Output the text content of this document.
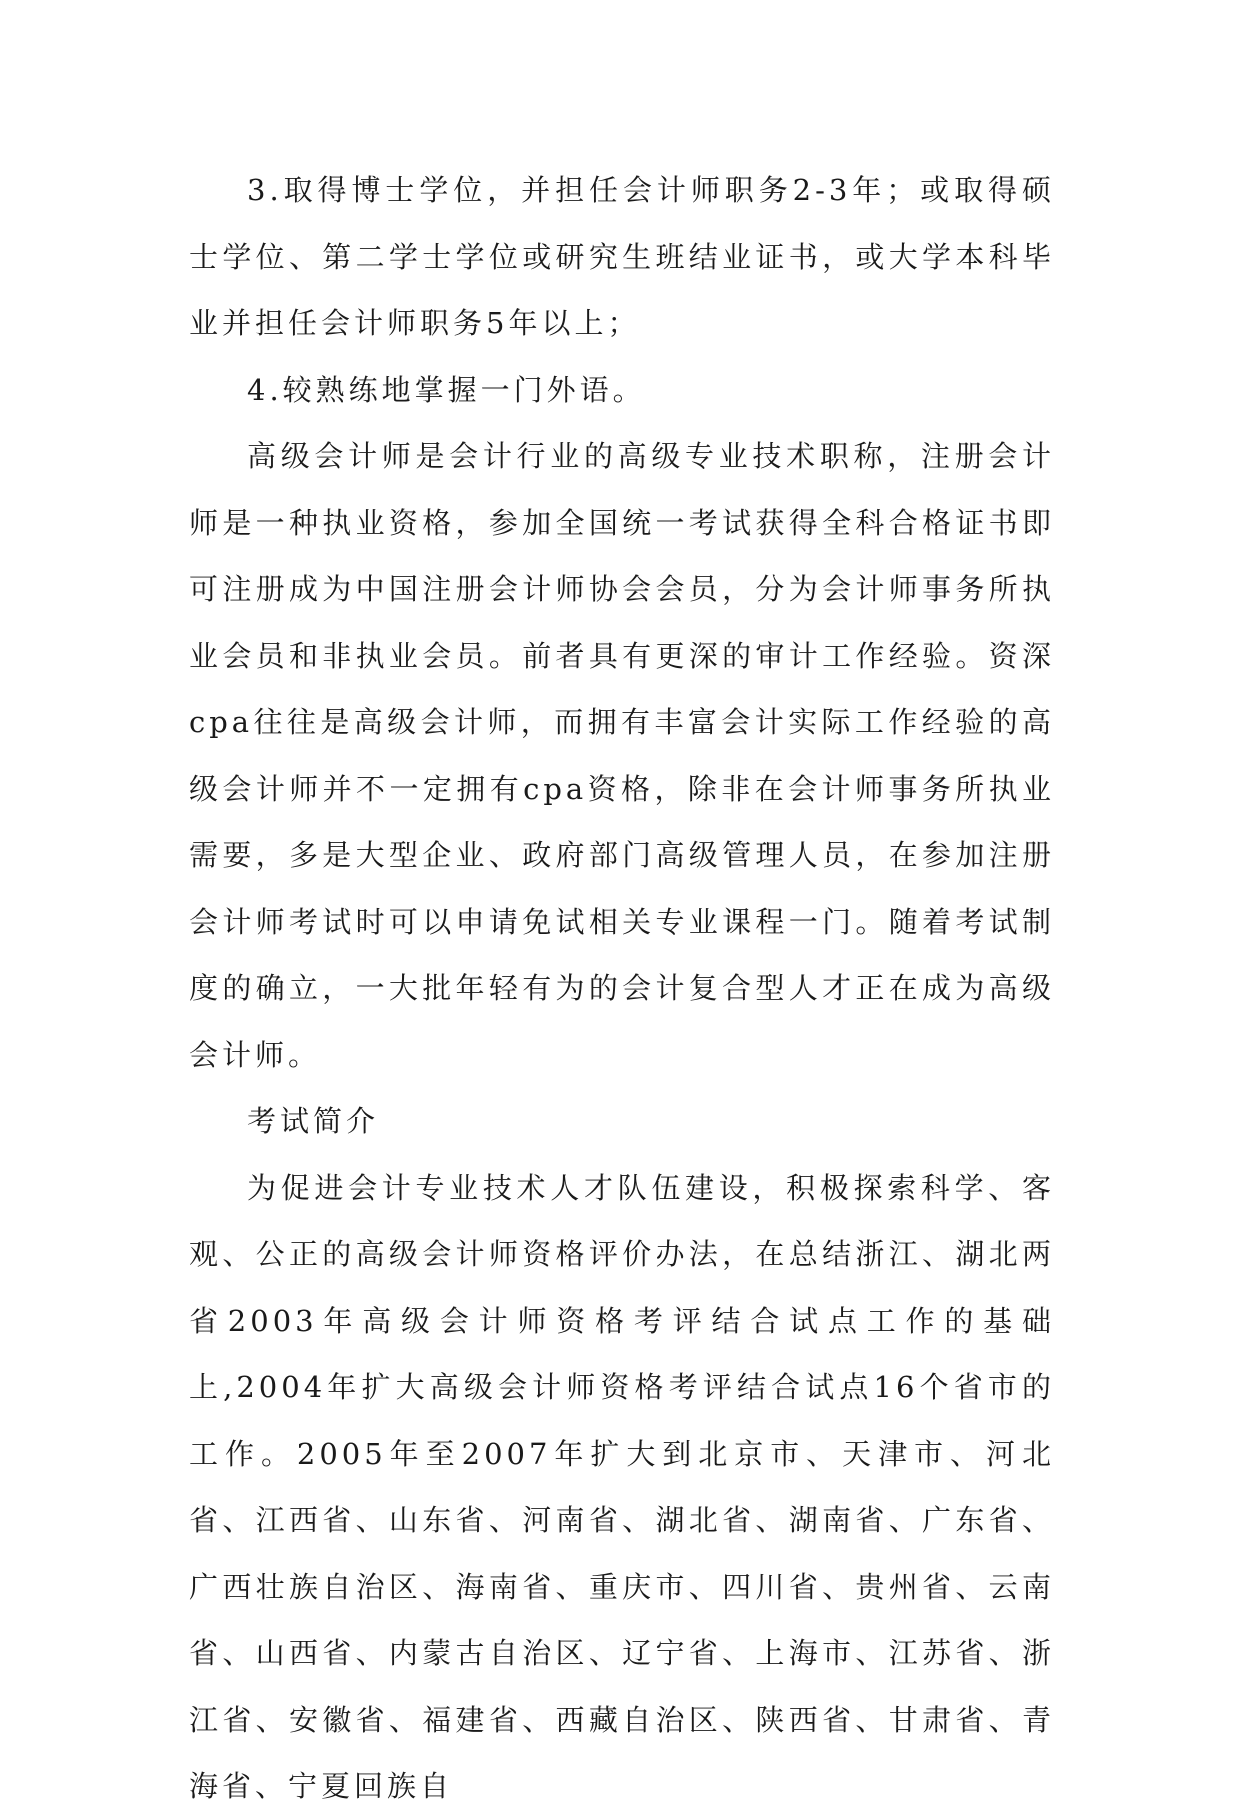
3.取得博士学位，并担任会计师职务2-3年；或取得硕士学位、第二学士学位或研究生班结业证书，或大学本科毕业并担任会计师职务5年以上；

4.较熟练地掌握一门外语。

高级会计师是会计行业的高级专业技术职称，注册会计师是一种执业资格，参加全国统一考试获得全科合格证书即可注册成为中国注册会计师协会会员，分为会计师事务所执业会员和非执业会员。前者具有更深的审计工作经验。资深cpa往往是高级会计师，而拥有丰富会计实际工作经验的高级会计师并不一定拥有cpa资格，除非在会计师事务所执业需要，多是大型企业、政府部门高级管理人员，在参加注册会计师考试时可以申请免试相关专业课程一门。随着考试制度的确立，一大批年轻有为的会计复合型人才正在成为高级会计师。

考试简介

为促进会计专业技术人才队伍建设，积极探索科学、客观、公正的高级会计师资格评价办法，在总结浙江、湖北两省2003年高级会计师资格考评结合试点工作的基础上,2004年扩大高级会计师资格考评结合试点16个省市的工作。2005年至2007年扩大到北京市、天津市、河北省、江西省、山东省、河南省、湖北省、湖南省、广东省、广西壮族自治区、海南省、重庆市、四川省、贵州省、云南省、山西省、内蒙古自治区、辽宁省、上海市、江苏省、浙江省、安徽省、福建省、西藏自治区、陕西省、甘肃省、青海省、宁夏回族自
